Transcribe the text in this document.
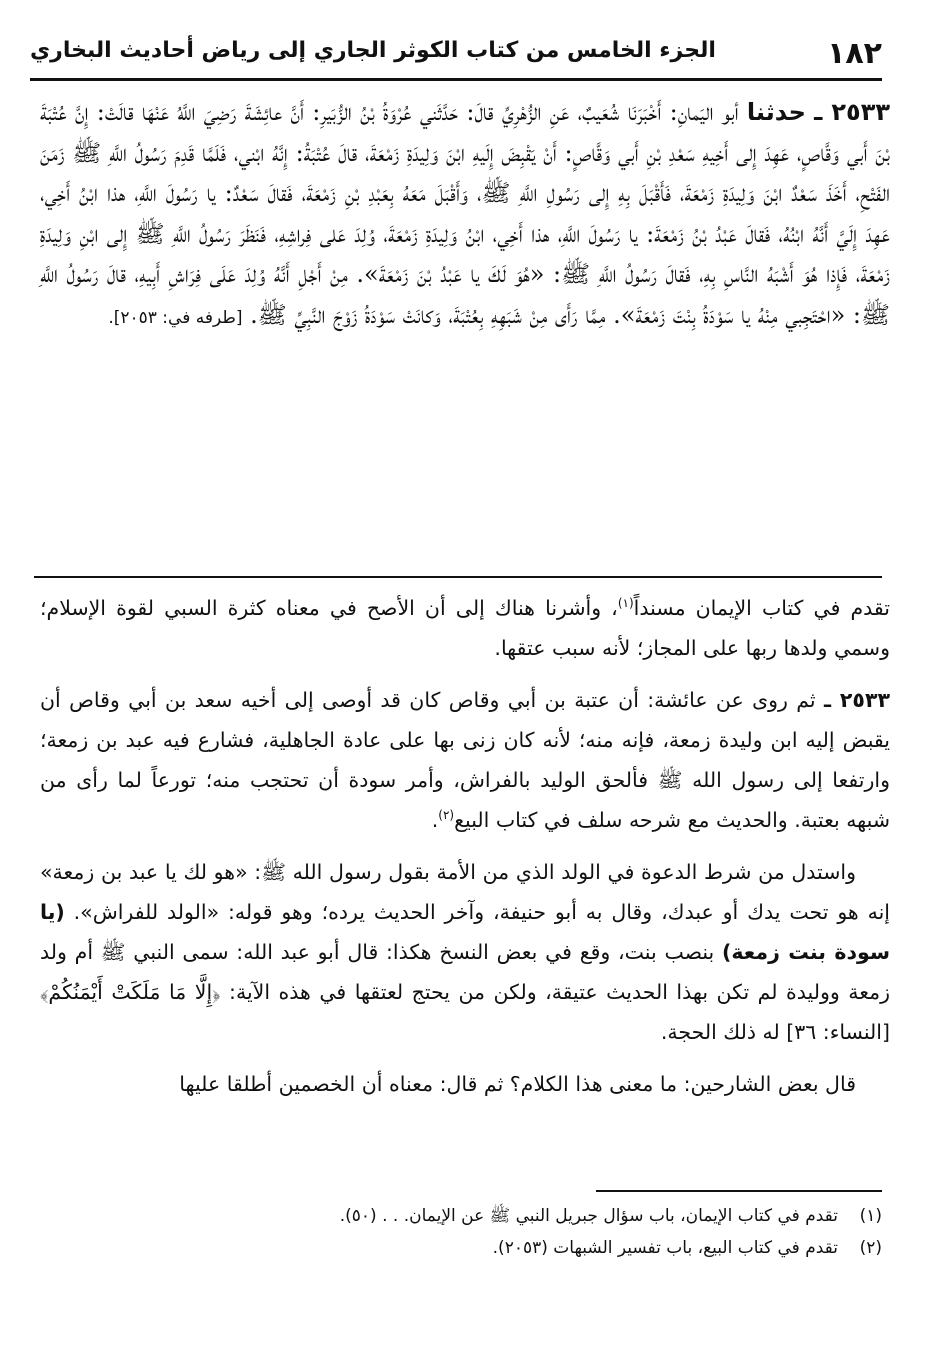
١٨٢
الجزء الخامس من كتاب الكوثر الجاري إلى رياض أحاديث البخاري
٢٥٣٣ ـ حدثنا أبو اليَمانِ: أَخْبَرَنَا شُعَيبٌ، عَنِ الزُّهْرِيِّ قالَ: حَدَّثَني عُرْوَةُ بْنُ الزُّبَيرِ: أَنَّ عائِشَةَ رَضِيَ اللَّهُ عَنْهَا قالَتْ: إِنَّ عُتْبَةَ بْنَ أَبي وَقَّاصٍ، عَهِدَ إِلى أَخِيهِ سَعْدِ بْنِ أَبي وَقَّاصٍ: أَنْ يَقْبِضَ إِلَيهِ ابْنَ وَلِيدَةِ زَمْعَةَ، قالَ عُتْبَةُ: إِنَّهُ ابْني، فَلَمَّا قَدِمَ رَسُولُ اللَّهِ ﷺ زَمَنَ الفَتْحِ، أَخَذَ سَعْدٌ ابْنَ وَلِيدَةِ زَمْعَةَ، فَأَقْبَلَ بِهِ إِلى رَسُولِ اللَّهِ ﷺ، وَأَقْبَلَ مَعَهُ بِعَبْدِ بْنِ زَمْعَةَ، فَقالَ سَعْدٌ: يا رَسُولَ اللَّهِ، هذا ابْنُ أَخِي، عَهِدَ إِلَيَّ أَنَّهُ ابْنُهُ، فَقالَ عَبْدُ بْنُ زَمْعَةَ: يا رَسُولَ اللَّهِ، هذا أَخِي، ابْنُ وَلِيدَةِ زَمْعَةَ، وُلِدَ عَلى فِراشِهِ، فَنَظَرَ رَسُولُ اللَّهِ ﷺ إِلى ابْنِ وَلِيدَةِ زَمْعَةَ، فَإِذا هُوَ أَشْبَهُ النَّاسِ بِهِ، فَقالَ رَسُولُ اللَّهِ ﷺ: «هُوَ لَكَ يا عَبْدُ بْنَ زَمْعَةَ». مِنْ أَجْلِ أَنَّهُ وُلِدَ عَلَى فِرَاشِ أَبِيهِ، قالَ رَسُولُ اللَّهِ ﷺ: «احْتَجِبي مِنْهُ يا سَوْدَةُ بِنْتَ زَمْعَةَ». مِمَّا رَأَى مِنْ شَبَهِهِ بِعُتْبَةَ، وَكانَتْ سَوْدَةُ زَوْجَ النَّبِيِّ ﷺ. [طرفه في: ٢٠٥٣].

تقدم في كتاب الإيمان مسنداً$^{(١)}$، وأشرنا هناك إلى أن الأصح في معناه كثرة السبي لقوة الإسلام؛ وسمي ولدها ربها على المجاز؛ لأنه سبب عتقها.

٢٥٣٣ ـ ثم روى عن عائشة: أن عتبة بن أبي وقاص كان قد أوصى إلى أخيه سعد بن أبي وقاص أن يقبض إليه ابن وليدة زمعة، فإنه منه؛ لأنه كان زنى بها على عادة الجاهلية، فشارع فيه عبد بن زمعة؛ وارتفعا إلى رسول الله ﷺ فألحق الوليد بالفراش، وأمر سودة أن تحتجب منه؛ تورعاً لما رأى من شبهه بعتبة. والحديث مع شرحه سلف في كتاب البيع$^{(٢)}$.

واستدل من شرط الدعوة في الولد الذي من الأمة بقول رسول الله ﷺ: «هو لك يا عبد بن زمعة» إنه هو تحت يدك أو عبدك، وقال به أبو حنيفة، وآخر الحديث يرده؛ وهو قوله: «الولد للفراش». (يا سودة بنت زمعة) بنصب بنت، وقع في بعض النسخ هكذا: قال أبو عبد الله: سمى النبي ﷺ أم ولد زمعة ووليدة لم تكن بهذا الحديث عتيقة، ولكن من يحتج لعتقها في هذه الآية: ﴿إِلَّا مَا مَلَكَتْ أَيْمَنُكُمْ﴾ [النساء: ٣٦] له ذلك الحجة.

قال بعض الشارحين: ما معنى هذا الكلام؟ ثم قال: معناه أن الخصمين أطلقا عليها

(١)
تقدم في كتاب الإيمان، باب سؤال جبريل النبي ﷺ عن الإيمان. . . (٥٠).
(٢)
تقدم في كتاب البيع، باب تفسير الشبهات (٢٠٥٣).
